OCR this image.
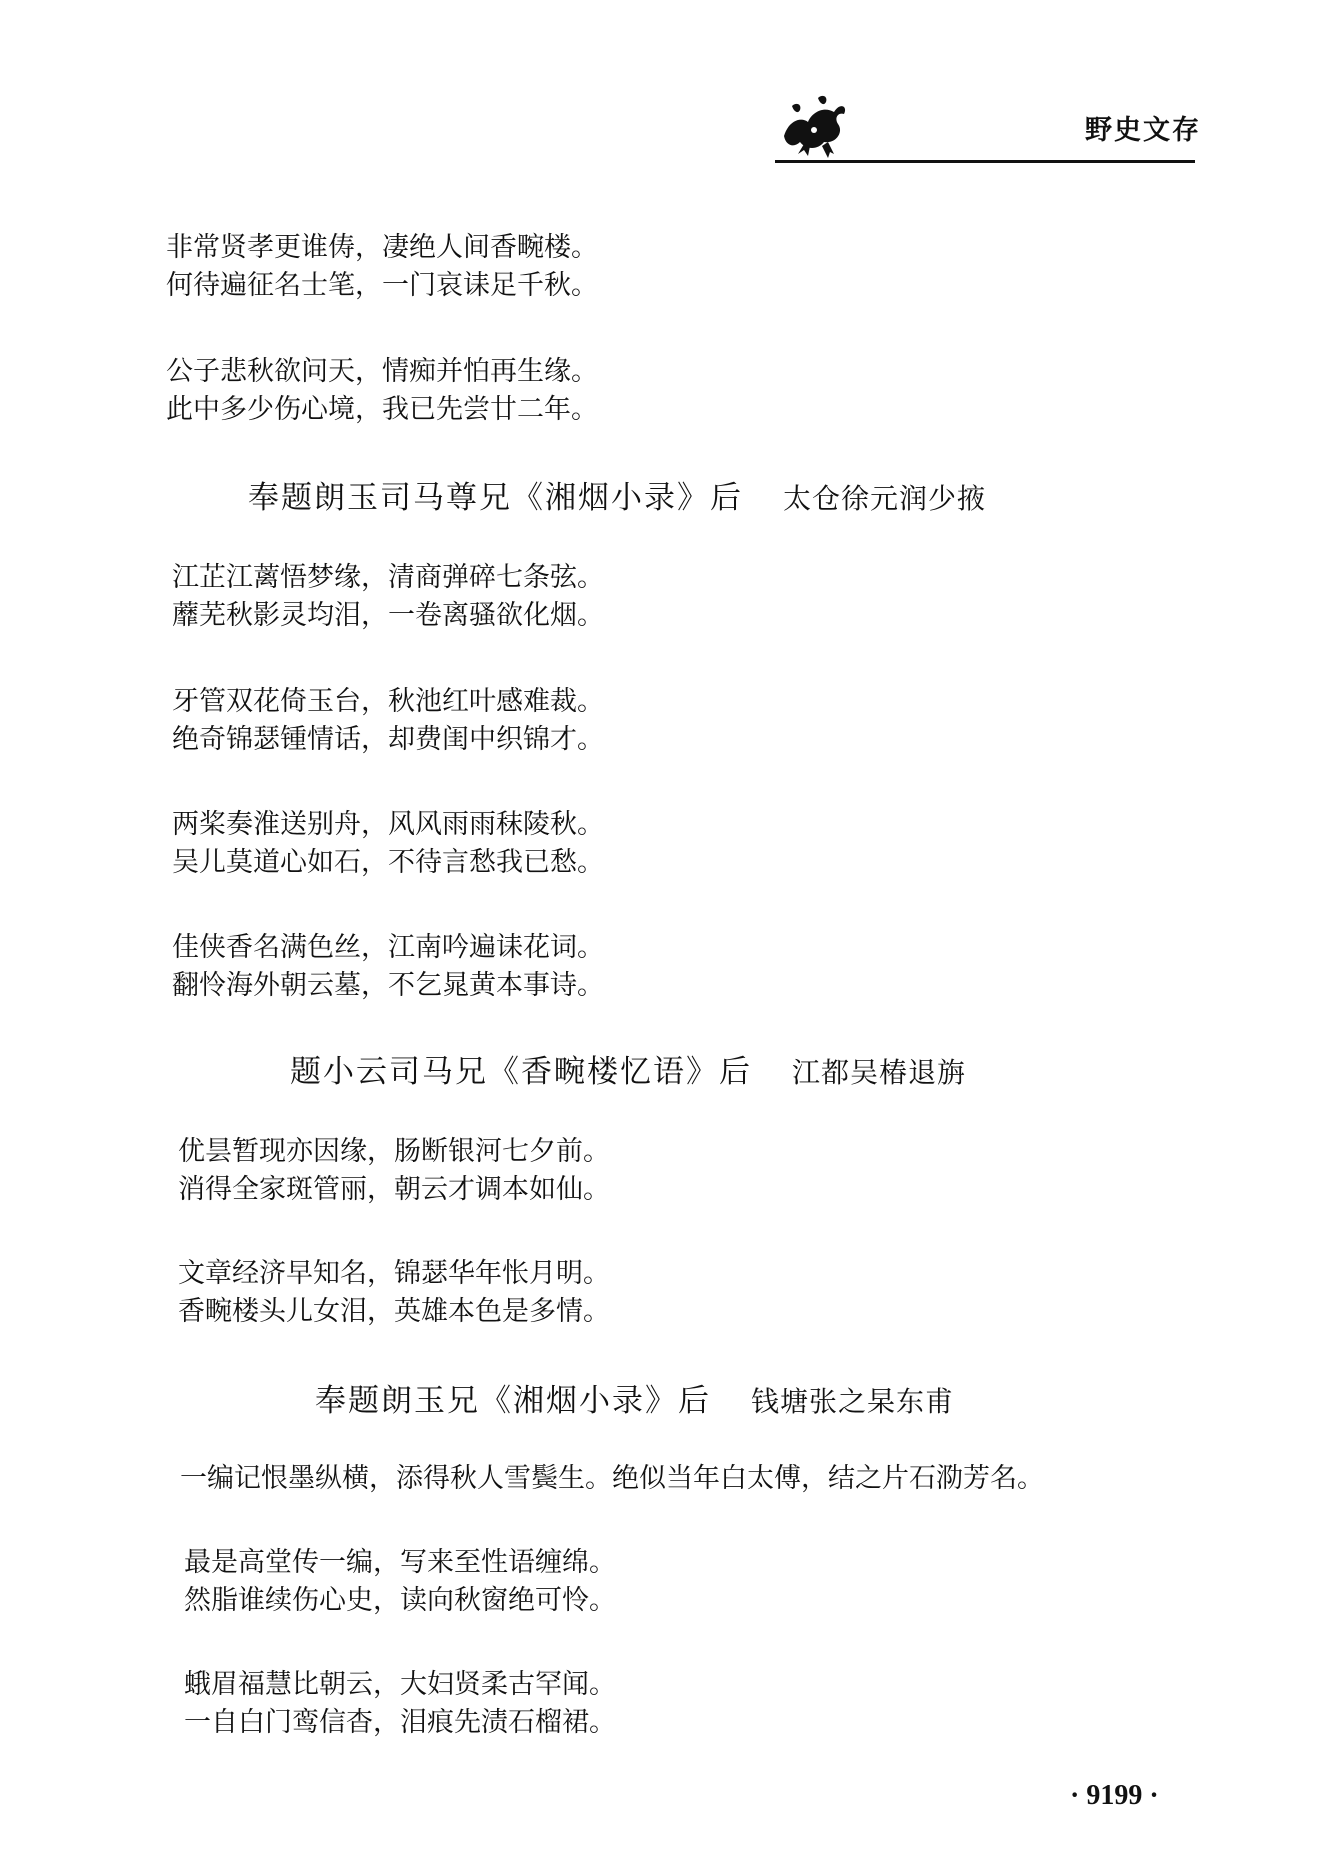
野史文存
非常贤孝更谁俦，凄绝人间香畹楼。
何待遍征名士笔，一门哀诔足千秋。
公子悲秋欲问天，情痴并怕再生缘。
此中多少伤心境，我已先尝廿二年。
奉题朗玉司马尊兄《湘烟小录》后 太仓徐元润少掖
江芷江蓠悟梦缘，清商弹碎七条弦。
蘼芜秋影灵均泪，一卷离骚欲化烟。
牙管双花倚玉台，秋池红叶感难裁。
绝奇锦瑟锺情话，却费闺中织锦才。
两桨奏淮送别舟，风风雨雨秣陵秋。
吴儿莫道心如石，不待言愁我已愁。
佳侠香名满色丝，江南吟遍诔花词。
翻怜海外朝云墓，不乞晁黄本事诗。
题小云司马兄《香畹楼忆语》后 江都吴椿退旃
优昙暂现亦因缘，肠断银河七夕前。
消得全家斑管丽，朝云才调本如仙。
文章经济早知名，锦瑟华年怅月明。
香畹楼头儿女泪，英雄本色是多情。
奉题朗玉兄《湘烟小录》后 钱塘张之杲东甫
一编记恨墨纵横，添得秋人雪鬓生。绝似当年白太傅，结之片石泐芳名。
最是高堂传一编，写来至性语缠绵。
然脂谁续伤心史，读向秋窗绝可怜。
蛾眉福慧比朝云，大妇贤柔古罕闻。
一自白门鸾信杳，泪痕先渍石榴裙。
· 9199 ·
